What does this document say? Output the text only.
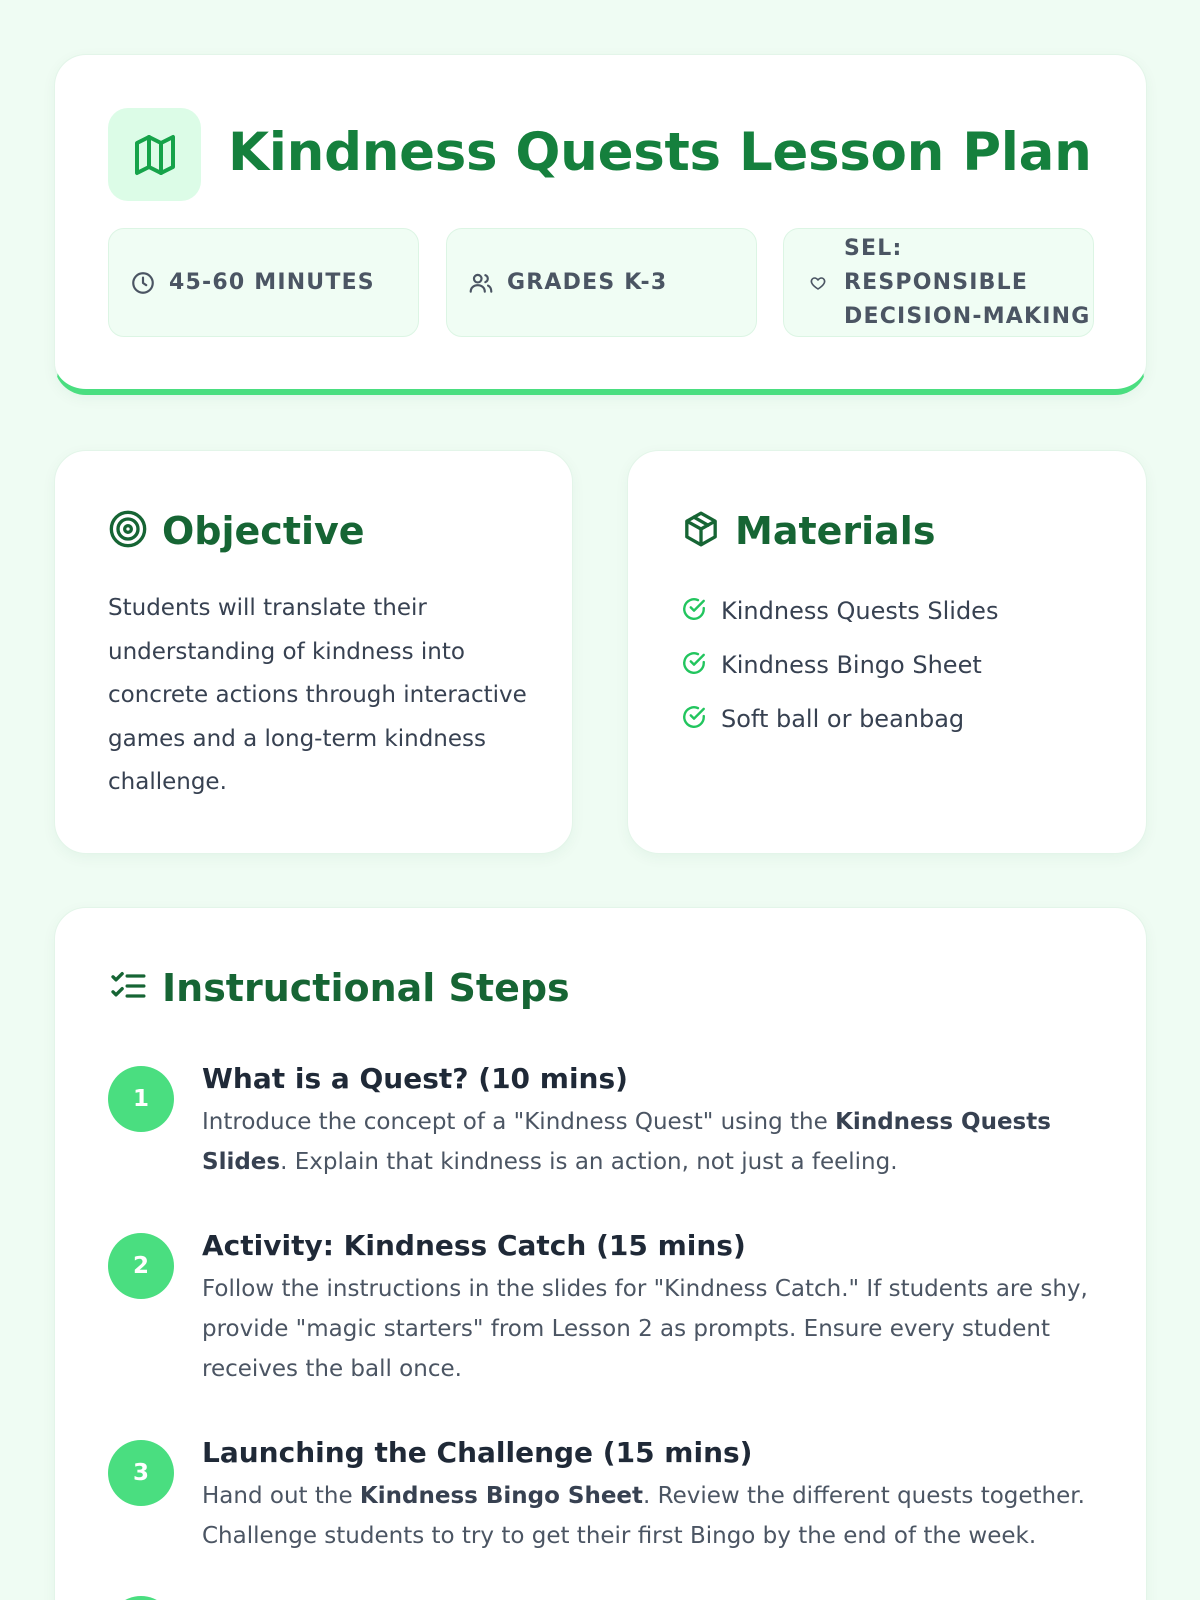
Kindness Quests Lesson Plan
45-60 MINUTES	GRADES K-3
SEL: RESPONSIBLE
DECISION-MAKING
Objective

Students will translate their understanding of kindness into concrete actions through interactive games and a long-term kindness challenge.

Materials
Kindness Quests Slides
Kindness Bingo Sheet
Soft ball or beanbag
Instructional Steps
1
What is a Quest? (10 mins)

Introduce the concept of a "Kindness Quest" using the Kindness Quests Slides. Explain that kindness is an action, not just a feeling.

2
Activity: Kindness Catch (15 mins)

Follow the instructions in the slides for "Kindness Catch." If students are shy, provide "magic starters" from Lesson 2 as prompts. Ensure every student receives the ball once.

3
Launching the Challenge (15 mins)

Hand out the Kindness Bingo Sheet. Review the different quests together. Challenge students to try to get their first Bingo by the end of the week.
